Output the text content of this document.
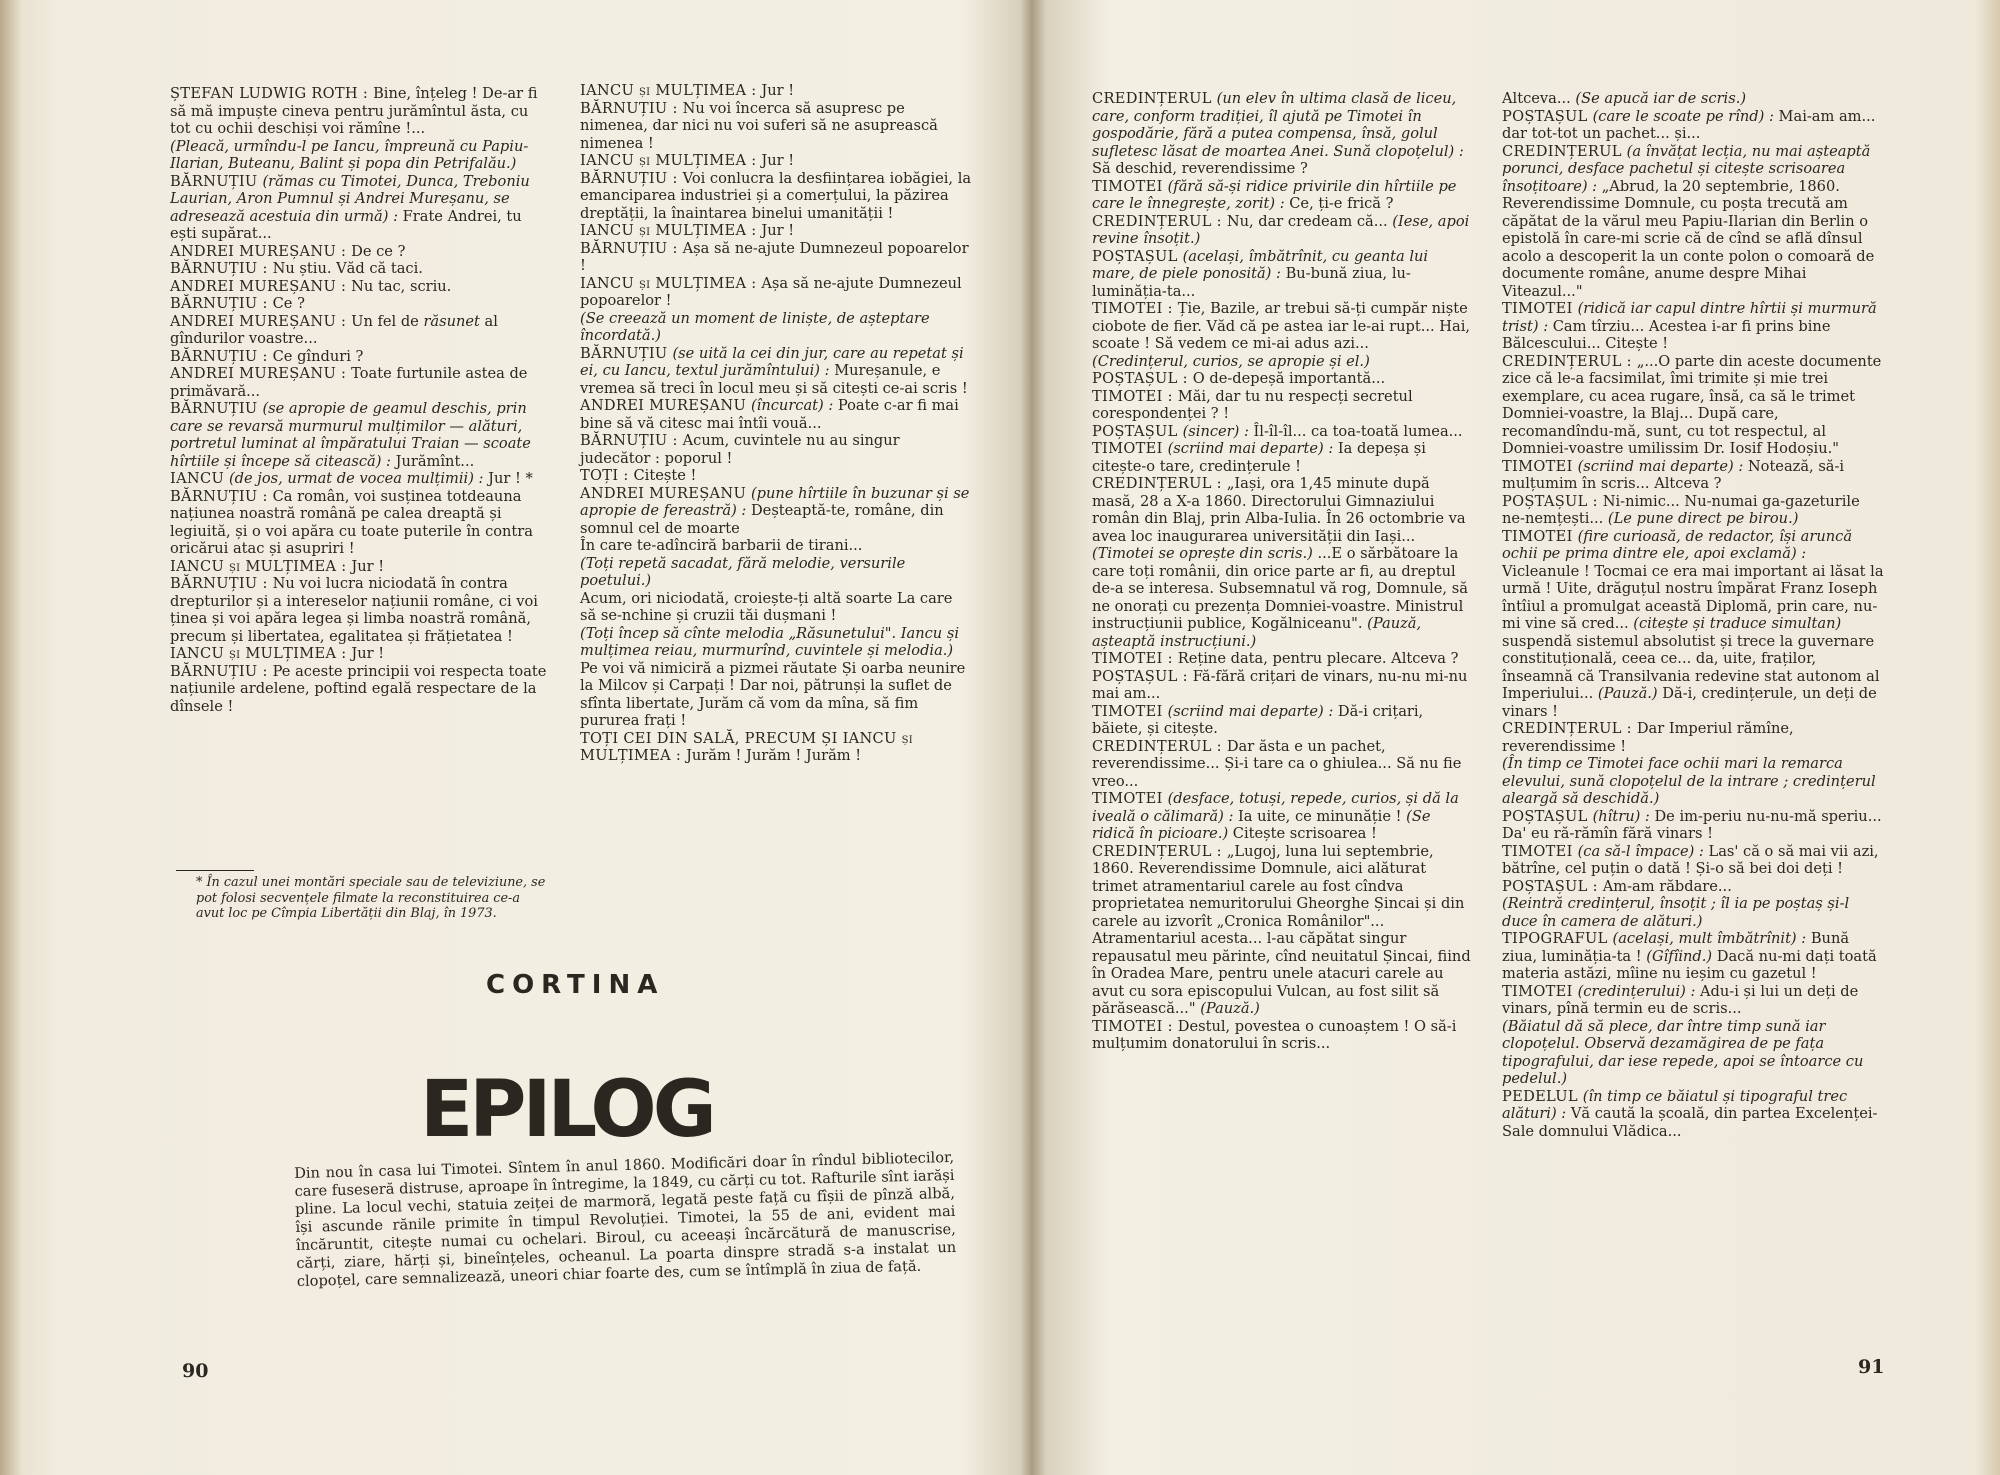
ȘTEFAN LUDWIG ROTH : Bine, înțeleg ! De-ar fi să mă impuște cineva pentru jurămîntul ăsta, cu tot cu ochii deschiși voi rămîne !...

(Pleacă, urmîndu-l pe Iancu, împreună cu Papiu-Ilarian, Buteanu, Balint și popa din Petrifalău.)

BĂRNUȚIU (rămas cu Timotei, Dunca, Treboniu Laurian, Aron Pumnul și Andrei Mureșanu, se adresează acestuia din urmă) : Frate Andrei, tu ești supărat...

ANDREI MUREȘANU : De ce ?

BĂRNUȚIU : Nu știu. Văd că taci.

ANDREI MUREȘANU : Nu tac, scriu.

BĂRNUȚIU : Ce ?

ANDREI MUREȘANU : Un fel de răsunet al gîndurilor voastre...

BĂRNUȚIU : Ce gînduri ?

ANDREI MUREȘANU : Toate furtunile astea de primăvară...

BĂRNUȚIU (se apropie de geamul deschis, prin care se revarsă murmurul mulțimilor — alături, portretul luminat al împăratului Traian — scoate hîrtiile și începe să citească) : Jurămînt...

IANCU (de jos, urmat de vocea mulțimii) : Jur ! *

BĂRNUȚIU : Ca român, voi susținea totdeauna națiunea noastră română pe calea dreaptă și legiuită, și o voi apăra cu toate puterile în contra oricărui atac și asupriri !

IANCU și MULȚIMEA : Jur !

BĂRNUȚIU : Nu voi lucra niciodată în contra drepturilor și a intereselor națiunii române, ci voi ținea și voi apăra legea și limba noastră română, precum și libertatea, egalitatea și frățietatea !

IANCU și MULȚIMEA : Jur !

BĂRNUȚIU : Pe aceste principii voi respecta toate națiunile ardelene, poftind egală respectare de la dînsele !

* În cazul unei montări speciale sau de televiziune, se pot folosi secvențele filmate la reconstituirea ce-a avut loc pe Cîmpia Libertății din Blaj, în 1973.

IANCU și MULȚIMEA : Jur !

BĂRNUȚIU : Nu voi încerca să asupresc pe nimenea, dar nici nu voi suferi să ne asuprească nimenea !

IANCU și MULȚIMEA : Jur !

BĂRNUȚIU : Voi conlucra la desființarea iobăgiei, la emanciparea industriei și a comerțului, la păzirea dreptății, la înaintarea binelui umanității !

IANCU și MULȚIMEA : Jur !

BĂRNUȚIU : Așa să ne-ajute Dumnezeul popoarelor !

IANCU și MULȚIMEA : Așa să ne-ajute Dumnezeul popoarelor !

(Se creează un moment de liniște, de așteptare încordată.)

BĂRNUȚIU (se uită la cei din jur, care au repetat și ei, cu Iancu, textul jurămîntului) : Mureșanule, e vremea să treci în locul meu și să citești ce-ai scris !

ANDREI MUREȘANU (încurcat) : Poate c-ar fi mai bine să vă citesc mai întîi vouă...

BĂRNUȚIU : Acum, cuvintele nu au singur judecător : poporul !

TOȚI : Citește !

ANDREI MUREȘANU (pune hîrtiile în buzunar și se apropie de fereastră) : Deșteaptă-te, române, din somnul cel de moarte

În care te-adînciră barbarii de tirani...

(Toți repetă sacadat, fără melodie, versurile poetului.)

Acum, ori niciodată, croiește-ți altă soarte La care să se-nchine și cruzii tăi dușmani !

(Toți încep să cînte melodia „Răsunetului". Iancu și mulțimea reiau, murmurînd, cuvintele și melodia.)

Pe voi vă nimiciră a pizmei răutate Și oarba neunire la Milcov și Carpați ! Dar noi, pătrunși la suflet de sfînta libertate, Jurăm că vom da mîna, să fim pururea frați !

TOȚI CEI DIN SALĂ, PRECUM ȘI IANCU și MULȚIMEA : Jurăm ! Jurăm ! Jurăm !

CORTINA
EPILOG
Din nou în casa lui Timotei. Sîntem în anul 1860. Modificări doar în rîndul bibliotecilor, care fuseseră distruse, aproape în întregime, la 1849, cu cărți cu tot. Rafturile sînt iarăși pline. La locul vechi, statuia zeiței de marmoră, legată peste față cu fîșii de pînză albă, își ascunde rănile primite în timpul Revoluției. Timotei, la 55 de ani, evident mai încăruntit, citește numai cu ochelari. Biroul, cu aceeași încărcătură de manuscrise, cărți, ziare, hărți și, bineînțeles, ocheanul. La poarta dinspre stradă s-a instalat un clopoțel, care semnalizează, uneori chiar foarte des, cum se întîmplă în ziua de față.
90

CREDINȚERUL (un elev în ultima clasă de liceu, care, conform tradiției, îl ajută pe Timotei în gospodărie, fără a putea compensa, însă, golul sufletesc lăsat de moartea Anei. Sună clopoțelul) : Să deschid, reverendissime ?

TIMOTEI (fără să-și ridice privirile din hîrtiile pe care le înnegrește, zorit) : Ce, ți-e frică ?

CREDINȚERUL : Nu, dar credeam că... (Iese, apoi revine însoțit.)

POȘTAȘUL (același, îmbătrînit, cu geanta lui mare, de piele ponosită) : Bu-bună ziua, lu-luminăția-ta...

TIMOTEI : Ție, Bazile, ar trebui să-ți cumpăr niște ciobote de fier. Văd că pe astea iar le-ai rupt... Hai, scoate ! Să vedem ce mi-ai adus azi...

(Credințerul, curios, se apropie și el.)

POȘTAȘUL : O de-depeșă importantă...

TIMOTEI : Măi, dar tu nu respecți secretul corespondenței ? !

POȘTAȘUL (sincer) : Îl-îl-îl... ca toa-toată lumea...

TIMOTEI (scriind mai departe) : Ia depeșa și citește-o tare, credințerule !

CREDINȚERUL : „Iași, ora 1,45 minute după masă, 28 a X-a 1860. Directorului Gimnaziului român din Blaj, prin Alba-Iulia. În 26 octombrie va avea loc inaugurarea universității din Iași... (Timotei se oprește din scris.) ...E o sărbătoare la care toți românii, din orice parte ar fi, au dreptul de-a se interesa. Subsemnatul vă rog, Domnule, să ne onorați cu prezența Domniei-voastre. Ministrul instrucțiunii publice, Kogălniceanu". (Pauză, așteaptă instrucțiuni.)

TIMOTEI : Reține data, pentru plecare. Altceva ?

POȘTAȘUL : Fă-fără crițari de vinars, nu-nu mi-nu mai am...

TIMOTEI (scriind mai departe) : Dă-i crițari, băiete, și citește.

CREDINȚERUL : Dar ăsta e un pachet, reverendissime... Și-i tare ca o ghiulea... Să nu fie vreo...

TIMOTEI (desface, totuși, repede, curios, și dă la iveală o călimară) : Ia uite, ce minunăție ! (Se ridică în picioare.) Citește scrisoarea !

CREDINȚERUL : „Lugoj, luna lui septembrie, 1860. Reverendissime Domnule, aici alăturat trimet atramentariul carele au fost cîndva proprietatea nemuritorului Gheorghe Șincai și din carele au izvorît „Cronica Românilor"... Atramentariul acesta... l-au căpătat singur repausatul meu părinte, cînd neuitatul Șincai, fiind în Oradea Mare, pentru unele atacuri carele au avut cu sora episcopului Vulcan, au fost silit să părăsească..." (Pauză.)

TIMOTEI : Destul, povestea o cunoaștem ! O să-i mulțumim donatorului în scris...

Altceva... (Se apucă iar de scris.)

POȘTAȘUL (care le scoate pe rînd) : Mai-am am... dar tot-tot un pachet... și...

CREDINȚERUL (a învățat lecția, nu mai așteaptă porunci, desface pachetul și citește scrisoarea însoțitoare) : „Abrud, la 20 septembrie, 1860. Reverendissime Domnule, cu poșta trecută am căpătat de la vărul meu Papiu-Ilarian din Berlin o epistolă în care-mi scrie că de cînd se află dînsul acolo a descoperit la un conte polon o comoară de documente române, anume despre Mihai Viteazul..."

TIMOTEI (ridică iar capul dintre hîrtii și murmură trist) : Cam tîrziu... Acestea i-ar fi prins bine Bălcescului... Citește !

CREDINȚERUL : „...O parte din aceste documente zice că le-a facsimilat, îmi trimite și mie trei exemplare, cu acea rugare, însă, ca să le trimet Domniei-voastre, la Blaj... După care, recomandîndu-mă, sunt, cu tot respectul, al Domniei-voastre umilissim Dr. Iosif Hodoșiu."

TIMOTEI (scriind mai departe) : Notează, să-i mulțumim în scris... Altceva ?

POȘTAȘUL : Ni-nimic... Nu-numai ga-gazeturile ne-nemțești... (Le pune direct pe birou.)

TIMOTEI (fire curioasă, de redactor, își aruncă ochii pe prima dintre ele, apoi exclamă) : Vicleanule ! Tocmai ce era mai important ai lăsat la urmă ! Uite, drăguțul nostru împărat Franz Ioseph întîiul a promulgat această Diplomă, prin care, nu-mi vine să cred... (citește și traduce simultan) suspendă sistemul absolutist și trece la guvernare constituțională, ceea ce... da, uite, fraților, înseamnă că Transilvania redevine stat autonom al Imperiului... (Pauză.) Dă-i, credințerule, un deți de vinars !

CREDINȚERUL : Dar Imperiul rămîne, reverendissime !

(În timp ce Timotei face ochii mari la remarca elevului, sună clopoțelul de la intrare ; credințerul aleargă să deschidă.)

POȘTAȘUL (hîtru) : De im-periu nu-nu-mă speriu... Da' eu ră-rămîn fără vinars !

TIMOTEI (ca să-l împace) : Las' că o să mai vii azi, bătrîne, cel puțin o dată ! Și-o să bei doi deți !

POȘTAȘUL : Am-am răbdare...

(Reintră credințerul, însoțit ; îl ia pe poștaș și-l duce în camera de alături.)

TIPOGRAFUL (același, mult îmbătrînit) : Bună ziua, luminăția-ta ! (Gîfîind.) Dacă nu-mi dați toată materia astăzi, mîine nu ieșim cu gazetul !

TIMOTEI (credințerului) : Adu-i și lui un deți de vinars, pînă termin eu de scris...

(Băiatul dă să plece, dar între timp sună iar clopoțelul. Observă dezamăgirea de pe fața tipografului, dar iese repede, apoi se întoarce cu pedelul.)

PEDELUL (în timp ce băiatul și tipograful trec alături) : Vă caută la școală, din partea Excelenței-Sale domnului Vlădica...

91
